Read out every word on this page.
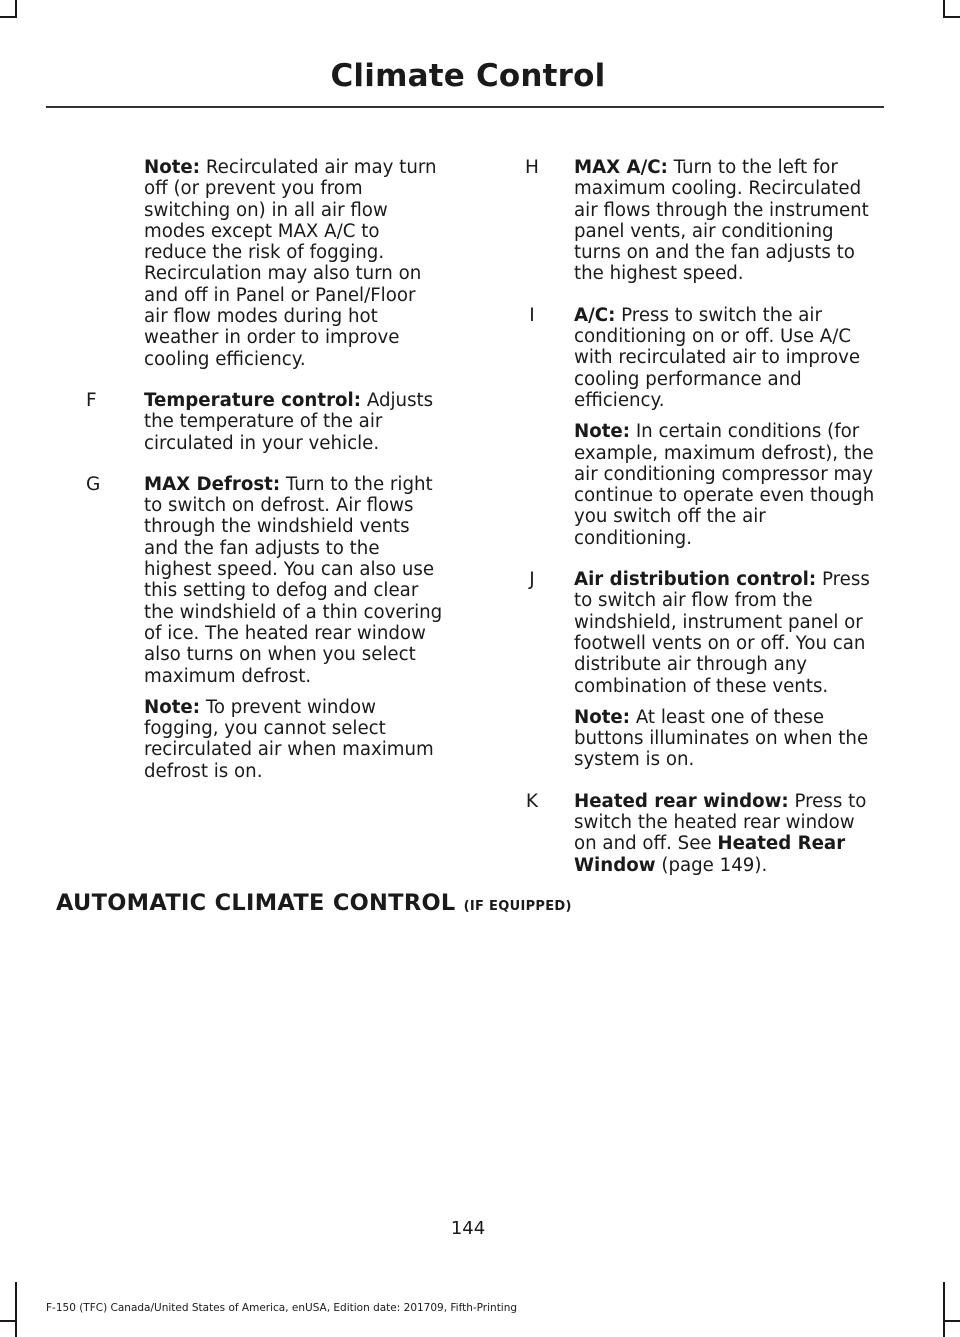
Climate Control

Note: Recirculated air may turn off (or prevent you from switching on) in all air flow modes except MAX A/C to reduce the risk of fogging. Recirculation may also turn on and off in Panel or Panel/Floor air flow modes during hot weather in order to improve cooling efficiency.

F	Temperature control: Adjusts the temperature of the air circulated in your vehicle.

G	MAX Defrost: Turn to the right to switch on defrost. Air flows through the windshield vents and the fan adjusts to the highest speed. You can also use this setting to defog and clear the windshield of a thin covering of ice. The heated rear window also turns on when you select maximum defrost.

Note: To prevent window fogging, you cannot select recirculated air when maximum defrost is on.

H	MAX A/C: Turn to the left for maximum cooling. Recirculated air flows through the instrument panel vents, air conditioning turns on and the fan adjusts to the highest speed.

I	A/C: Press to switch the air conditioning on or off. Use A/C with recirculated air to improve cooling performance and efficiency.

Note: In certain conditions (for example, maximum defrost), the air conditioning compressor may continue to operate even though you switch off the air conditioning.

J	Air distribution control: Press to switch air flow from the windshield, instrument panel or footwell vents on or off. You can distribute air through any combination of these vents.

Note: At least one of these buttons illuminates on when the system is on.

K	Heated rear window: Press to switch the heated rear window on and off. See Heated Rear Window (page 149).

AUTOMATIC CLIMATE CONTROL (IF EQUIPPED)
144
F-150 (TFC) Canada/United States of America, enUSA, Edition date: 201709, Fifth-Printing
